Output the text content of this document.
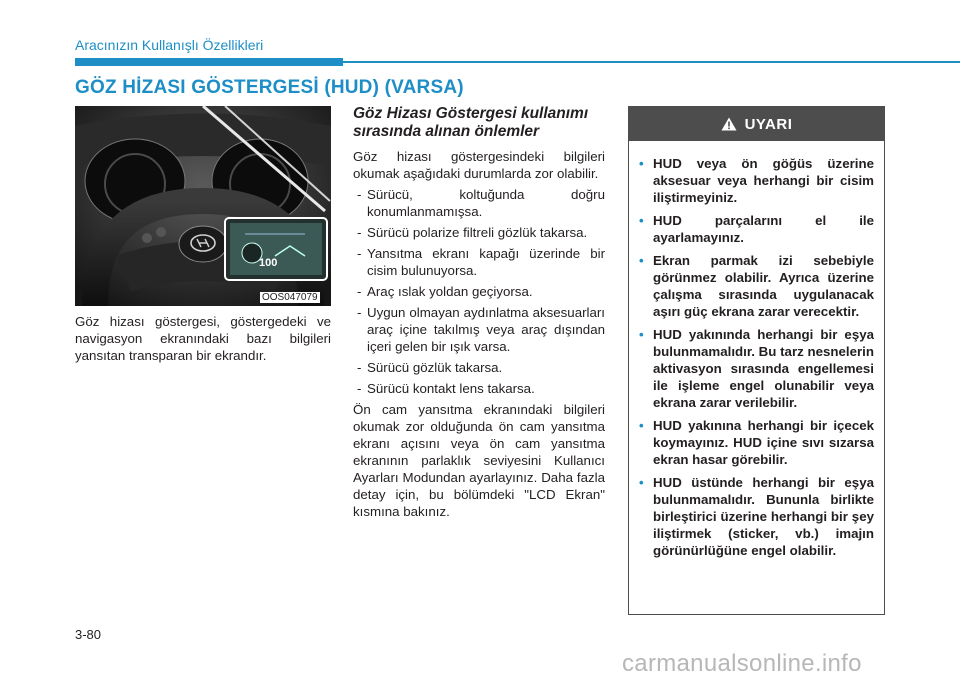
Aracınızın Kullanışlı Özellikleri
GÖZ HİZASI GÖSTERGESİ (HUD) (VARSA)
100
OOS047079
Göz hizası göstergesi, göstergedeki ve navigasyon ekranındaki bazı bilgileri yansıtan transparan bir ekrandır.
Göz Hizası Göstergesi kullanımı sırasında alınan önlemler
Göz hizası göstergesindeki bilgileri okumak aşağıdaki durumlarda zor olabilir.
- Sürücü, koltuğunda doğru konumlanmamışsa.
- Sürücü polarize filtreli gözlük takarsa.
- Yansıtma ekranı kapağı üzerinde bir cisim bulunuyorsa.
- Araç ıslak yoldan geçiyorsa.
- Uygun olmayan aydınlatma aksesuarları araç içine takılmış veya araç dışından içeri gelen bir ışık varsa.
- Sürücü gözlük takarsa.
- Sürücü kontakt lens takarsa.
Ön cam yansıtma ekranındaki bilgileri okumak zor olduğunda ön cam yansıtma ekranı açısını veya ön cam yansıtma ekranının parlaklık seviyesini Kullanıcı Ayarları Modundan ayarlayınız. Daha fazla detay için, bu bölümdeki "LCD Ekran" kısmına bakınız.
UYARI
• HUD veya ön göğüs üzerine aksesuar veya herhangi bir cisim iliştirmeyiniz.
• HUD parçalarını el ile ayarlamayınız.
• Ekran parmak izi sebebiyle görünmez olabilir. Ayrıca üzerine çalışma sırasında uygulanacak aşırı güç ekrana zarar verecektir.
• HUD yakınında herhangi bir eşya bulunmamalıdır. Bu tarz nesnelerin aktivasyon sırasında engellemesi ile işleme engel olunabilir veya ekrana zarar verilebilir.
• HUD yakınına herhangi bir içecek koymayınız. HUD içine sıvı sızarsa ekran hasar görebilir.
• HUD üstünde herhangi bir eşya bulunmamalıdır. Bununla birlikte birleştirici üzerine herhangi bir şey iliştirmek (sticker, vb.) imajın görünürlüğüne engel olabilir.
3-80
carmanualsonline.info
